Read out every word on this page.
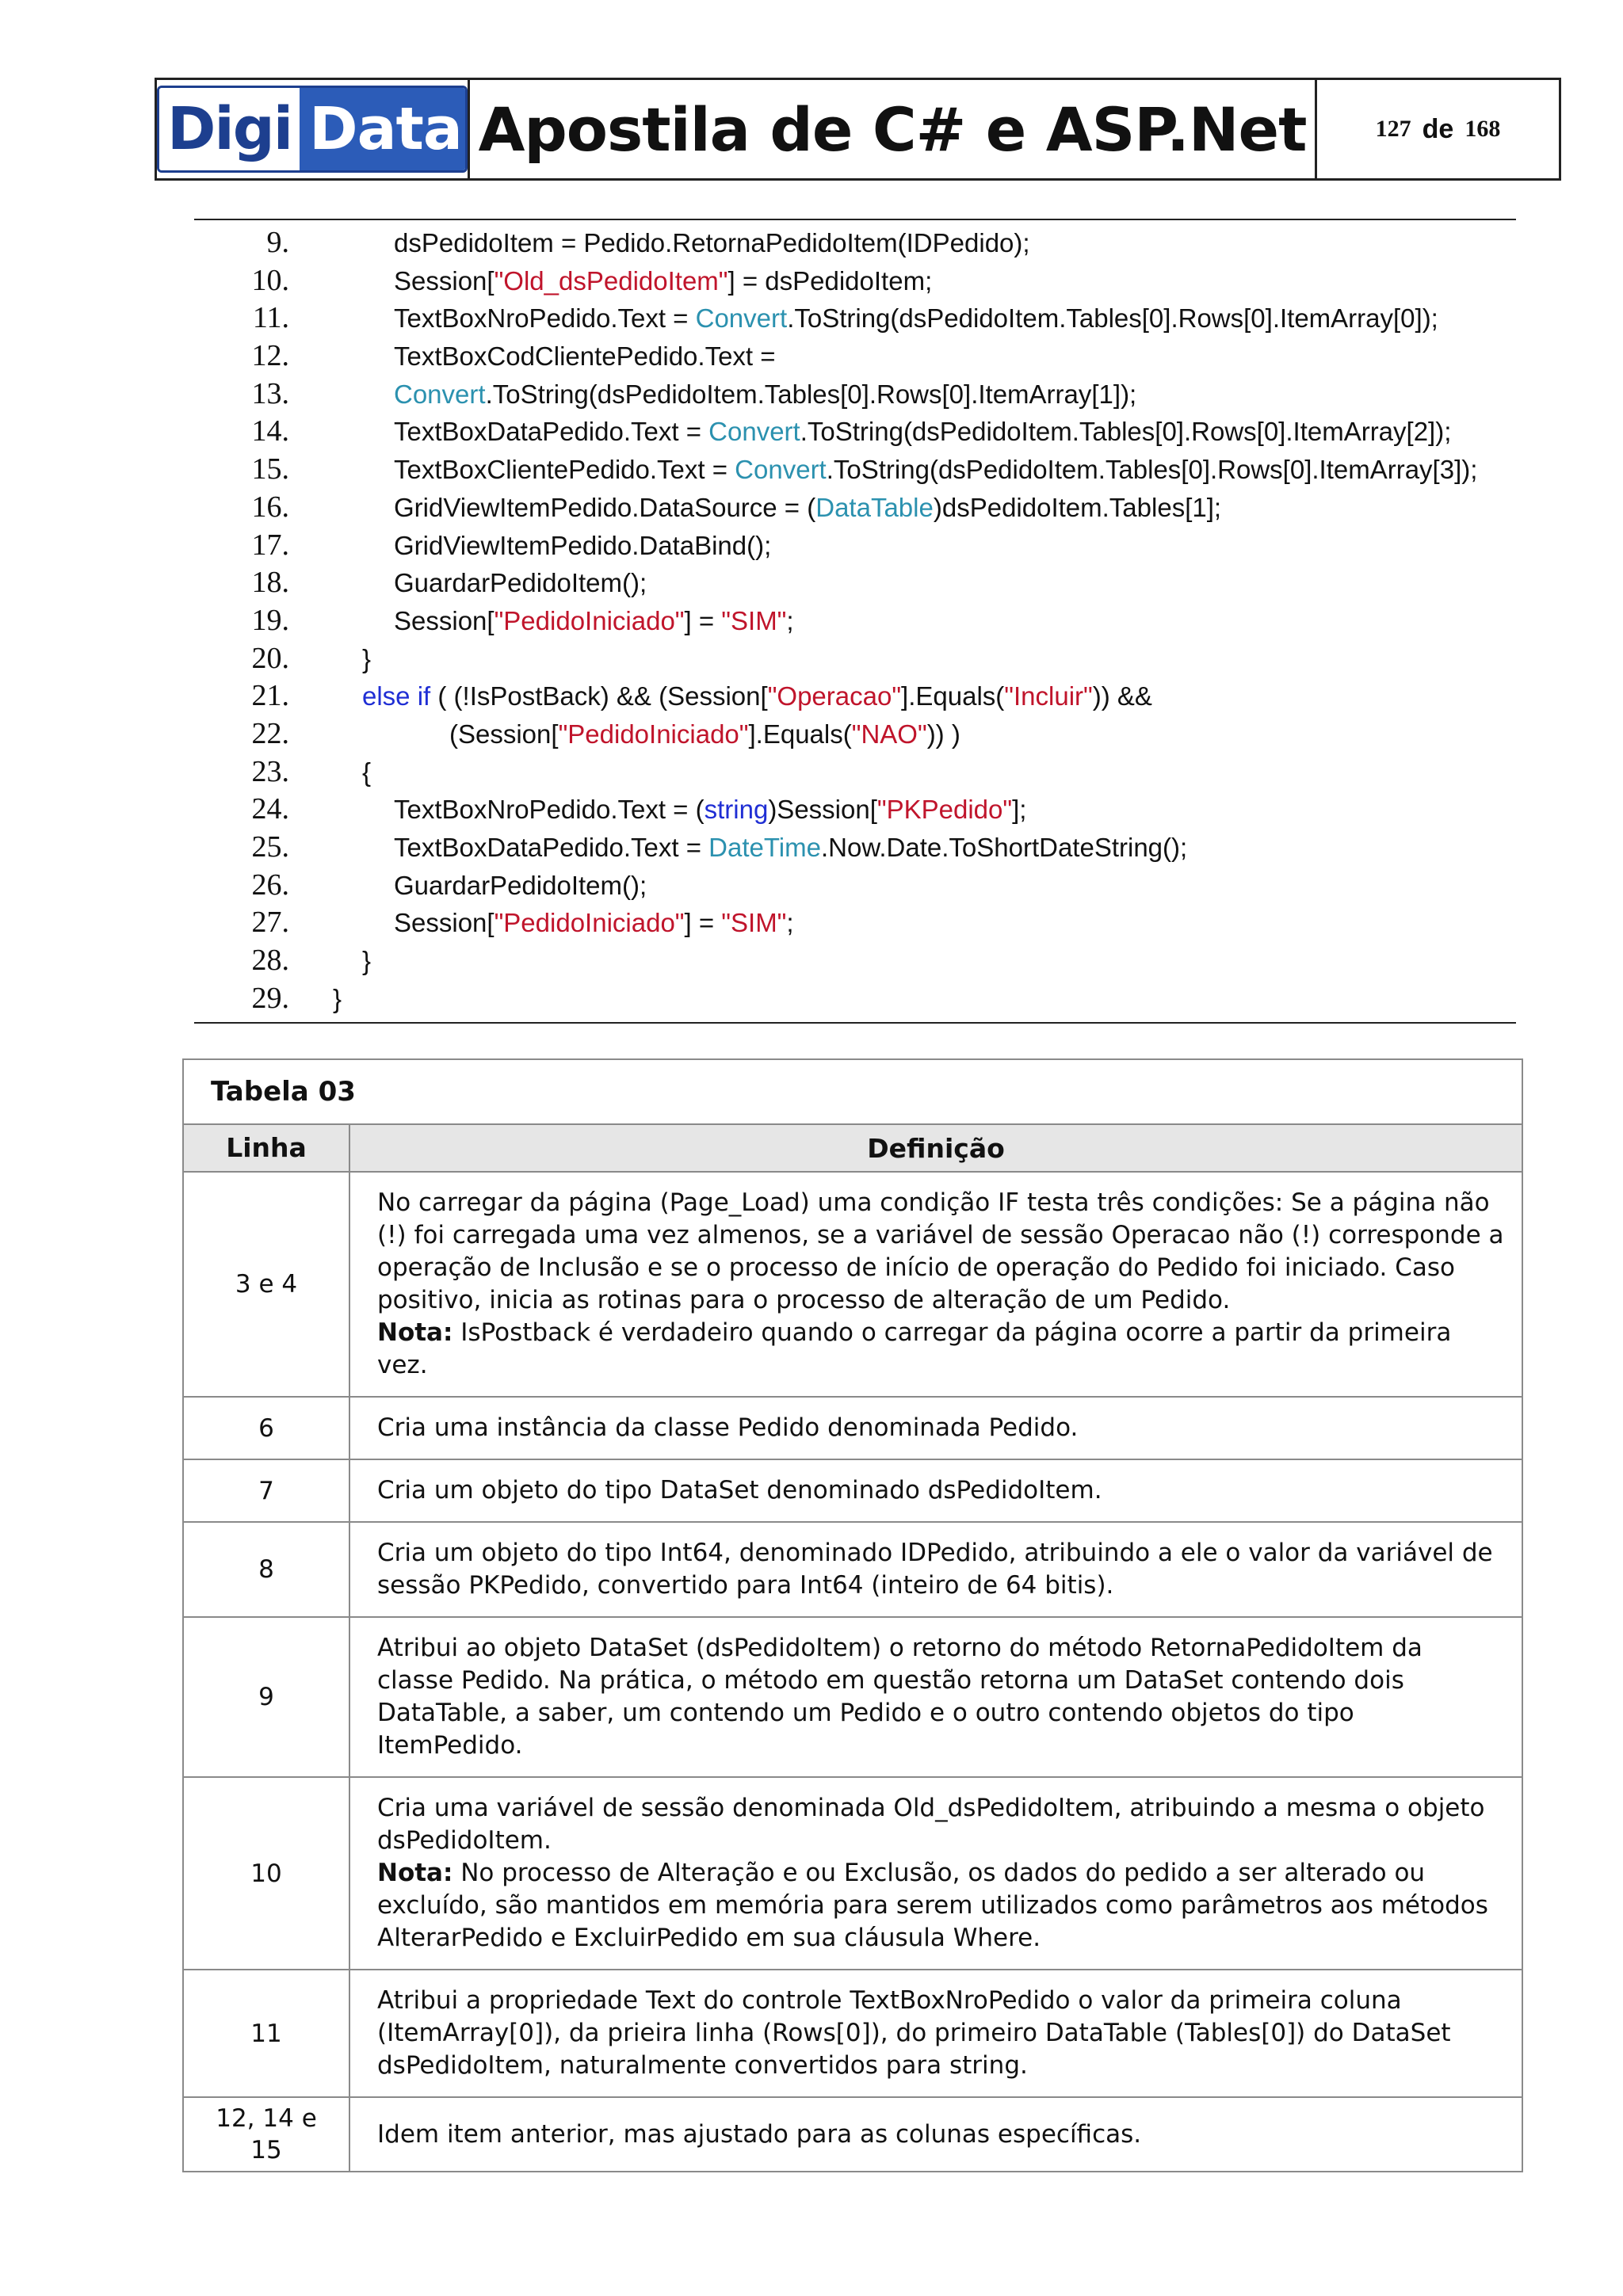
Digi Data Apostila de C# e ASP.Net	127 de 168
9.	dsPedidoItem = Pedido.RetornaPedidoItem(IDPedido);
10.	Session["Old_dsPedidoItem"] = dsPedidoItem;
11.	TextBoxNroPedido.Text = Convert.ToString(dsPedidoItem.Tables[0].Rows[0].ItemArray[0]);
12.	TextBoxCodClientePedido.Text =
13.	Convert.ToString(dsPedidoItem.Tables[0].Rows[0].ItemArray[1]);
14.	TextBoxDataPedido.Text = Convert.ToString(dsPedidoItem.Tables[0].Rows[0].ItemArray[2]);
15.	TextBoxClientePedido.Text = Convert.ToString(dsPedidoItem.Tables[0].Rows[0].ItemArray[3]);
16.	GridViewItemPedido.DataSource = (DataTable)dsPedidoItem.Tables[1];
17.	GridViewItemPedido.DataBind();
18.	GuardarPedidoItem();
19.	Session["PedidoIniciado"] = "SIM";
20.	}
21.	else if ( (!IsPostBack) && (Session["Operacao"].Equals("Incluir")) &&
22.	(Session["PedidoIniciado"].Equals("NAO")) )
23.	{
24.	TextBoxNroPedido.Text = (string)Session["PKPedido"];
25.	TextBoxDataPedido.Text = DateTime.Now.Date.ToShortDateString();
26.	GuardarPedidoItem();
27.	Session["PedidoIniciado"] = "SIM";
28.	}
29. }
Tabela 03	
Linha	Definição
3 e 4	No carregar da página (Page_Load) uma condição IF testa três condições: Se a página não (!) foi carregada uma vez almenos, se a variável de sessão Operacao não (!) corresponde a operação de Inclusão e se o processo de início de operação do Pedido foi iniciado. Caso positivo, inicia as rotinas para o processo de alteração de um Pedido.
Nota: IsPostback é verdadeiro quando o carregar da página ocorre a partir da primeira vez.

6	Cria uma instância da classe Pedido denominada Pedido.

7	Cria um objeto do tipo DataSet denominado dsPedidoItem.

8	Cria um objeto do tipo Int64, denominado IDPedido, atribuindo a ele o valor da variável de sessão PKPedido, convertido para Int64 (inteiro de 64 bitis).

9	Atribui ao objeto DataSet (dsPedidoItem) o retorno do método RetornaPedidoItem da classe Pedido. Na prática, o método em questão retorna um DataSet contendo dois DataTable, a saber, um contendo um Pedido e o outro contendo objetos do tipo ItemPedido.

10	Cria uma variável de sessão denominada Old_dsPedidoItem, atribuindo a mesma o objeto dsPedidoItem.
Nota: No processo de Alteração e ou Exclusão, os dados do pedido a ser alterado ou excluído, são mantidos em memória para serem utilizados como parâmetros aos métodos AlterarPedido e ExcluirPedido em sua cláusula Where.

11	Atribui a propriedade Text do controle TextBoxNroPedido o valor da primeira coluna (ItemArray[0]), da prieira linha (Rows[0]), do primeiro DataTable (Tables[0]) do DataSet dsPedidoItem, naturalmente convertidos para string.

12, 14 e 15	Idem item anterior, mas ajustado para as colunas específicas.
